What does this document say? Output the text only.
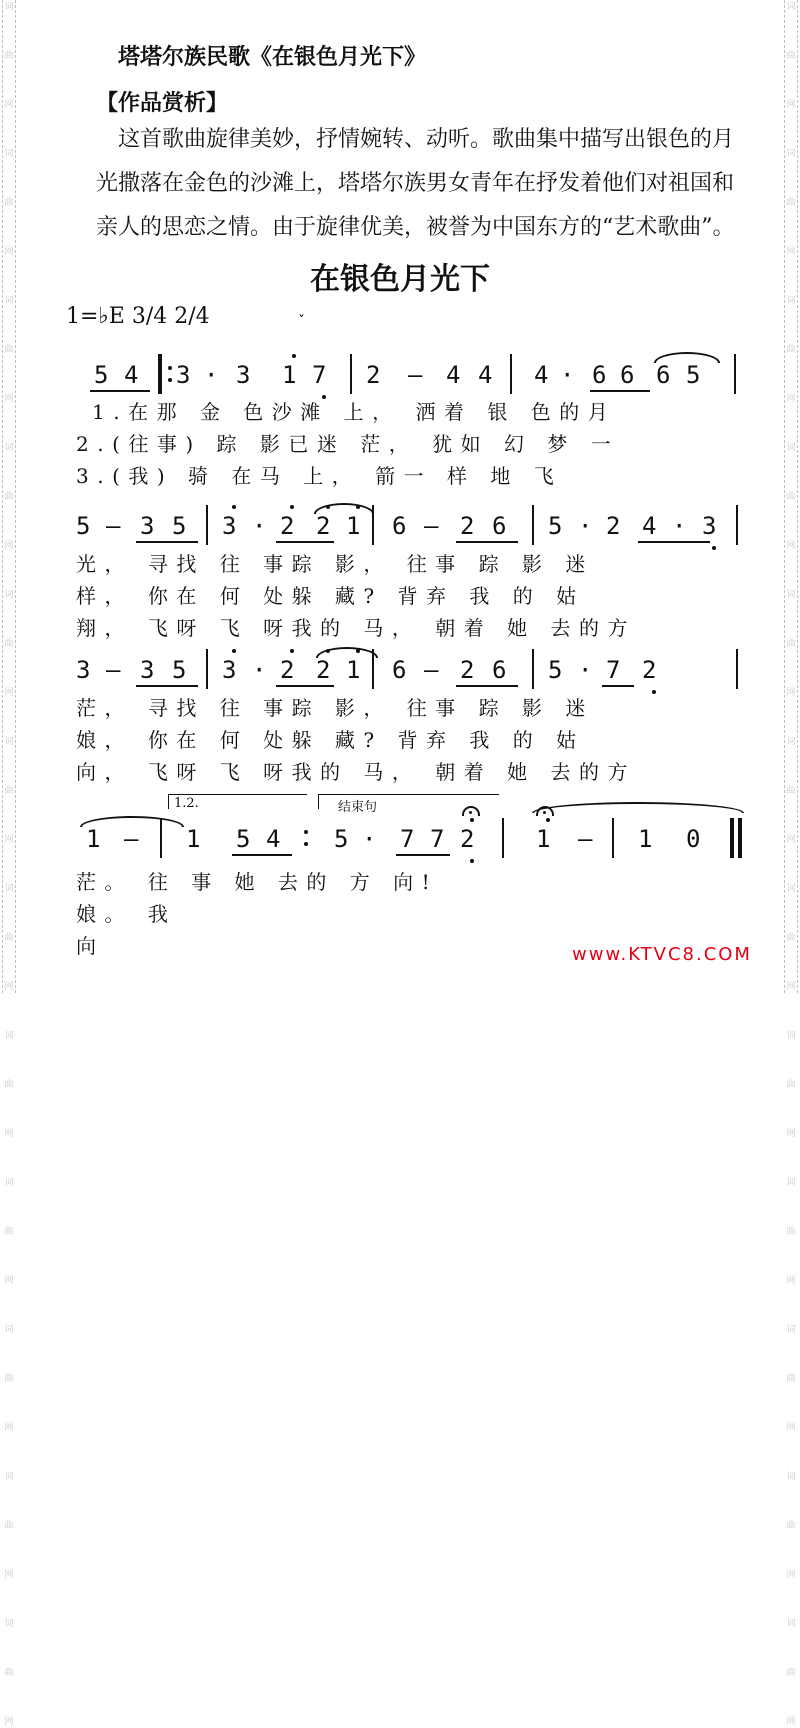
词
曲
网
词
曲
网
词
曲
网
词
曲
网
词
曲
网
词
曲
网
词
曲
网
词
曲
网
词
曲
网
词
曲
网
词
曲
网
词
曲
网
词
曲
网
词
曲
网
词
曲
网
词
曲
网
词
曲
网
词
曲
网
词
曲
网
词
曲
网
词
曲
网
词
曲
网
词
曲
网
词
曲
网
塔塔尔族民歌《在银色月光下》
【作品赏析】

这首歌曲旋律美妙，抒情婉转、动听。歌曲集中描写出银色的月光撒落在金色的沙滩上，塔塔尔族男女青年在抒发着他们对祖国和亲人的思恋之情。由于旋律优美，被誉为中国东方的“艺术歌曲”。

在银色月光下
1=♭E 3/4 2/4	ˇ
5 4 3 · 3 1 7 2 – 4 4 4 · 6 6 6 5
1.在那 金 色沙滩 上， 洒着 银 色的月
2.(往事) 踪 影已迷 茫， 犹如 幻 梦 一
3.(我) 骑 在马 上， 箭一 样 地 飞
5 – 3 5 3 · 2 2 1 6 – 2 6 5 · 2 4 · 3
光， 寻找 往 事踪 影， 往事 踪 影 迷
样， 你在 何 处躲 藏? 背弃 我 的 姑
翔， 飞呀 飞 呀我的 马， 朝着 她 去的方
3 – 3 5 3 · 2 2 1 6 – 2 6 5 · 7 2
茫， 寻找 往 事踪 影， 往事 踪 影 迷
娘， 你在 何 处躲 藏? 背弃 我 的 姑
向， 飞呀 飞 呀我的 马， 朝着 她 去的方
1 – 1 5 4 5 · 7 7 2	1 – 1 0
茫。 往 事 她 去的 方 向!
娘。 我
向
1.2.	结束句
www.KTVC8.COM
